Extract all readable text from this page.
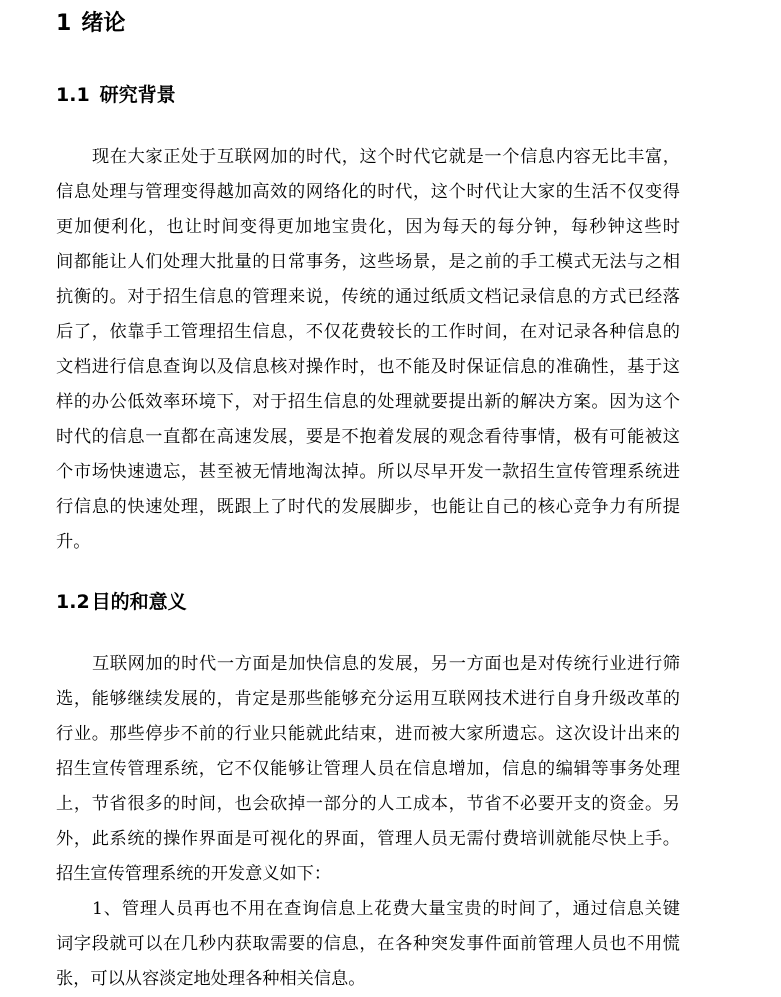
1 绪论
1.1 研究背景
现在大家正处于互联网加的时代，这个时代它就是一个信息内容无比丰富，
信息处理与管理变得越加高效的网络化的时代，这个时代让大家的生活不仅变得
更加便利化，也让时间变得更加地宝贵化，因为每天的每分钟，每秒钟这些时
间都能让人们处理大批量的日常事务，这些场景，是之前的手工模式无法与之相
抗衡的。对于招生信息的管理来说，传统的通过纸质文档记录信息的方式已经落
后了，依靠手工管理招生信息，不仅花费较长的工作时间，在对记录各种信息的
文档进行信息查询以及信息核对操作时，也不能及时保证信息的准确性，基于这
样的办公低效率环境下，对于招生信息的处理就要提出新的解决方案。因为这个
时代的信息一直都在高速发展，要是不抱着发展的观念看待事情，极有可能被这
个市场快速遗忘，甚至被无情地淘汰掉。所以尽早开发一款招生宣传管理系统进
行信息的快速处理，既跟上了时代的发展脚步，也能让自己的核心竞争力有所提
升。
1.2 目的和意义
互联网加的时代一方面是加快信息的发展，另一方面也是对传统行业进行筛
选，能够继续发展的，肯定是那些能够充分运用互联网技术进行自身升级改革的
行业。那些停步不前的行业只能就此结束，进而被大家所遗忘。这次设计出来的
招生宣传管理系统，它不仅能够让管理人员在信息增加，信息的编辑等事务处理
上，节省很多的时间，也会砍掉一部分的人工成本，节省不必要开支的资金。另
外，此系统的操作界面是可视化的界面，管理人员无需付费培训就能尽快上手。
招生宣传管理系统的开发意义如下：
1、管理人员再也不用在查询信息上花费大量宝贵的时间了，通过信息关键
词字段就可以在几秒内获取需要的信息，在各种突发事件面前管理人员也不用慌
张，可以从容淡定地处理各种相关信息。
